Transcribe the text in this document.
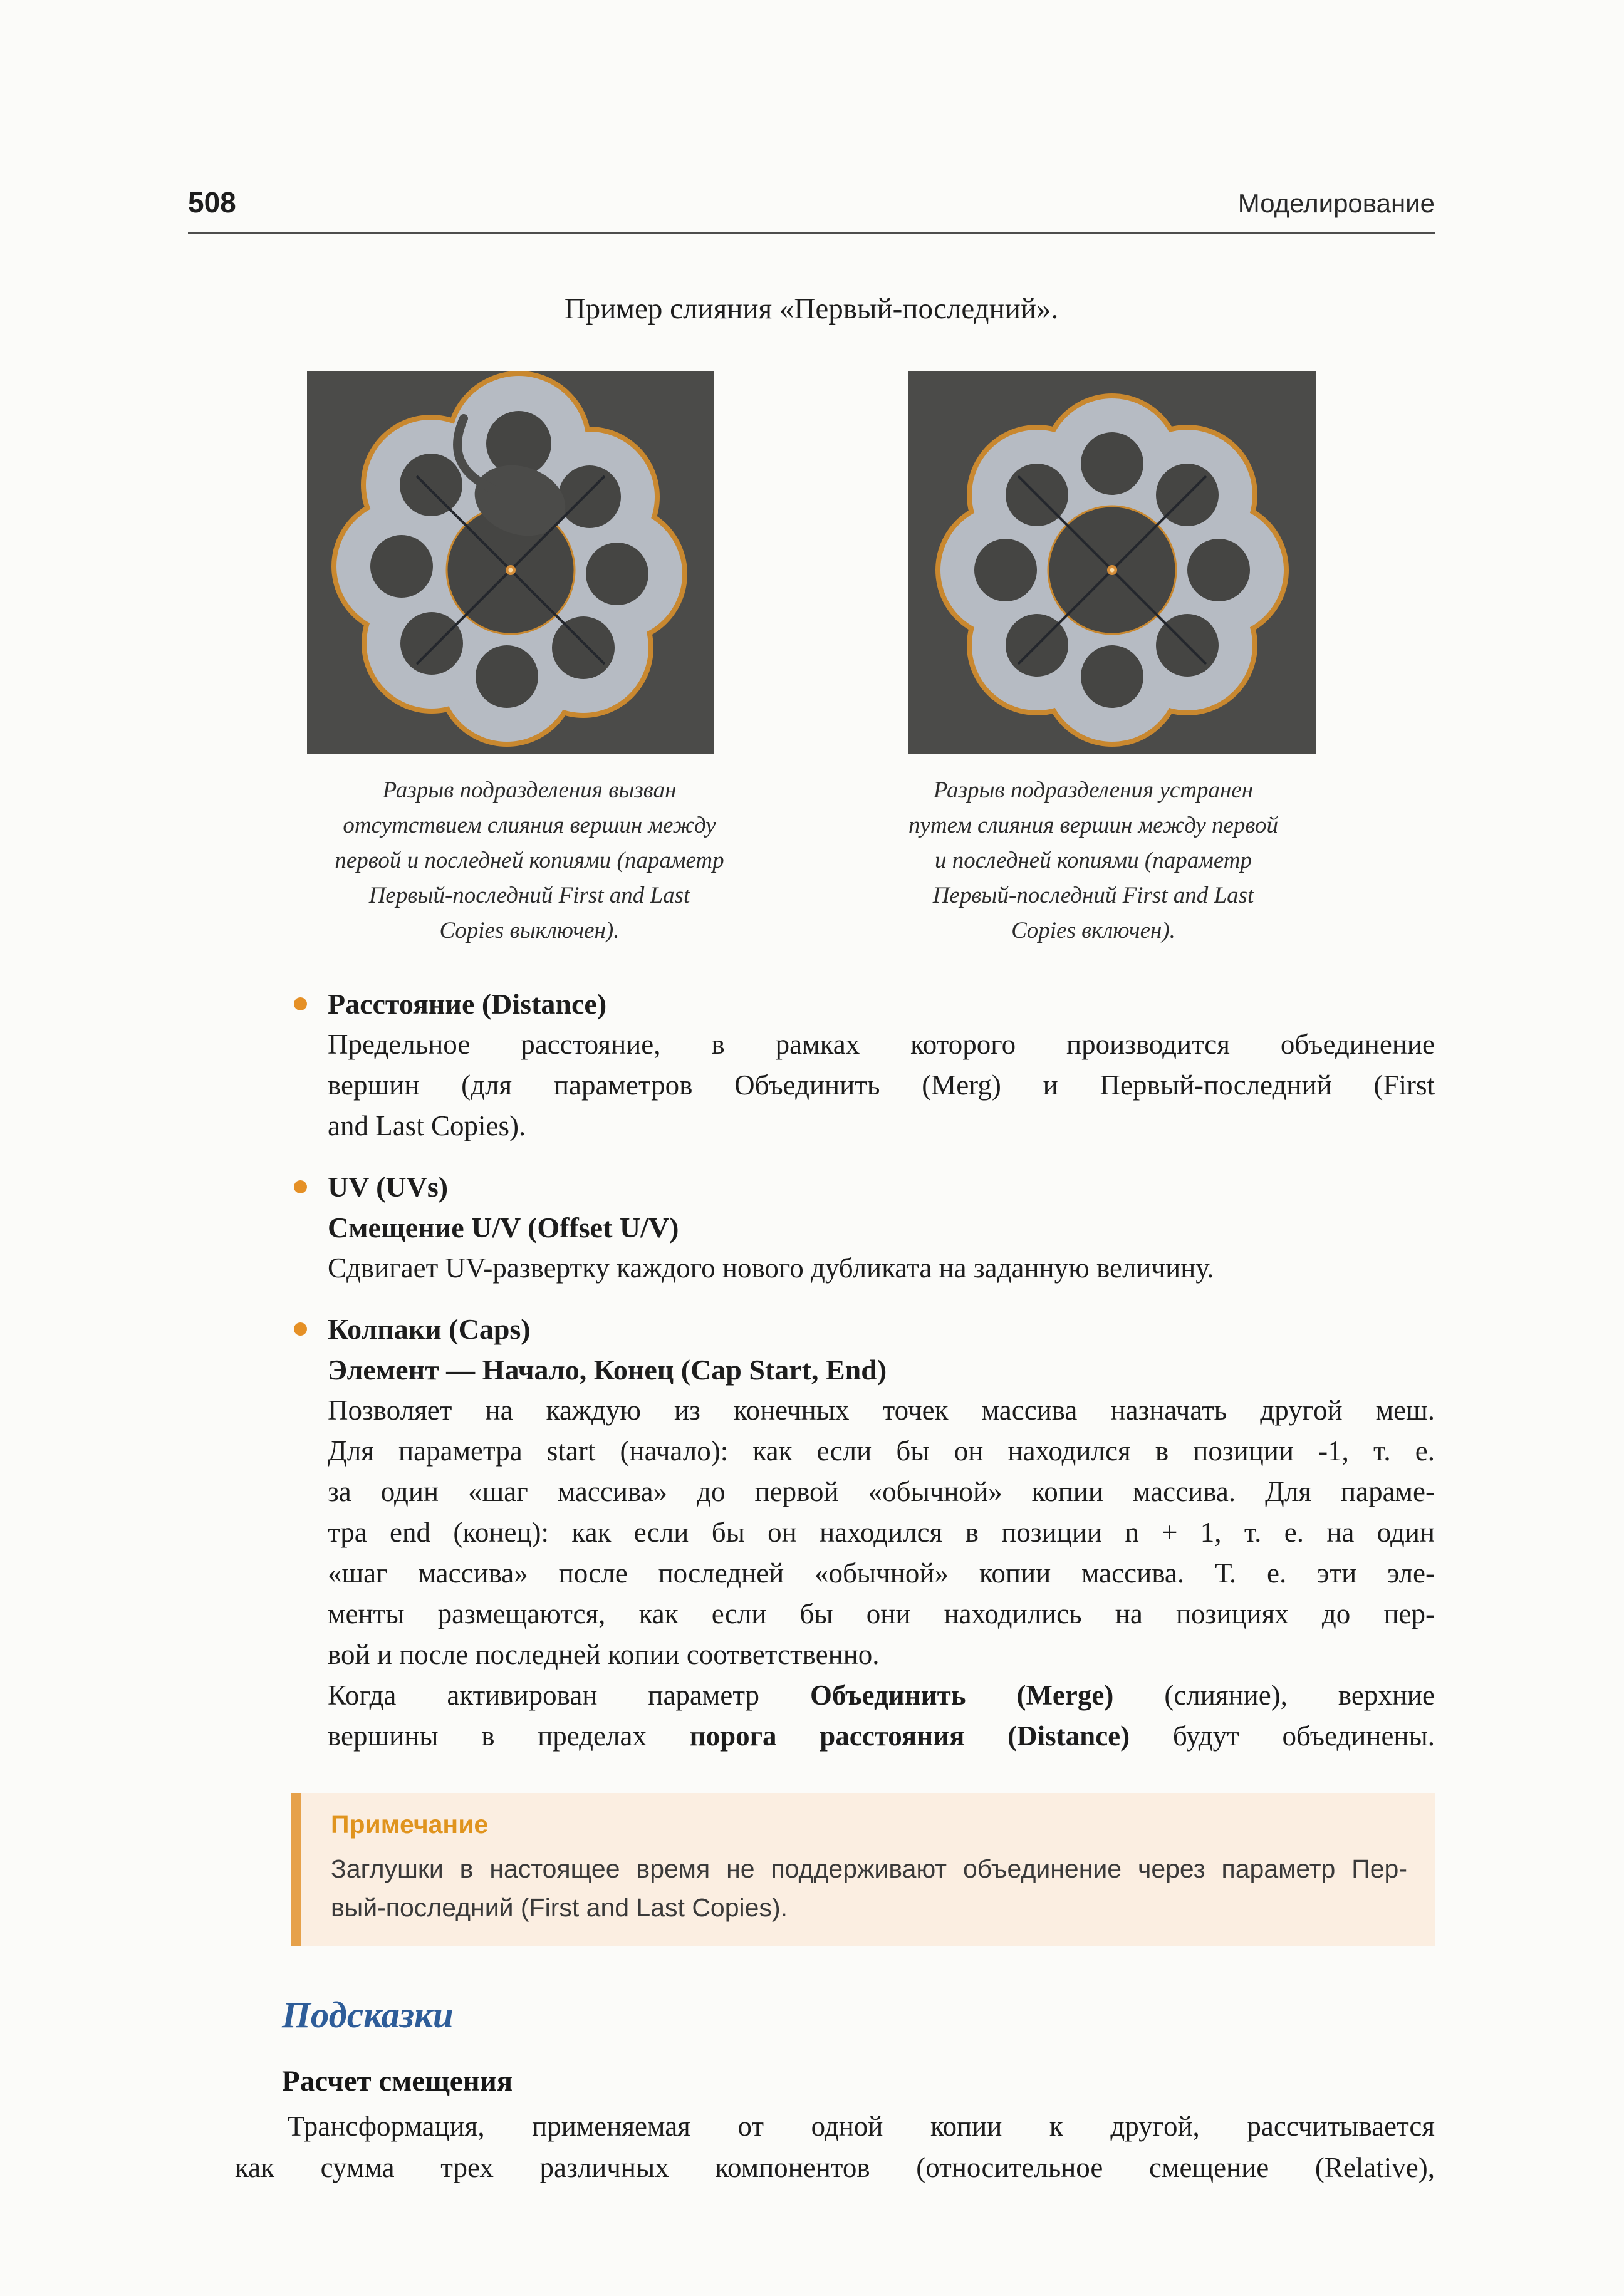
508	Моделирование
Пример слияния «Первый-последний».
Разрыв подразделения вызван
отсутствием слияния вершин между
первой и последней копиями (параметр
Первый-последний First and Last
Copies выключен).
Разрыв подразделения устранен
путем слияния вершин между первой
и последней копиями (параметр
Первый-последний First and Last
Copies включен).
Расстояние (Distance)
Предельное расстояние, в рамках которого производится объединение
вершин (для параметров Объединить (Merg) и Первый-последний (First
and Last Copies).
UV (UVs)
Смещение U/V (Offset U/V)
Сдвигает UV-развертку каждого нового дубликата на заданную величину.
Колпаки (Caps)
Элемент — Начало, Конец (Cap Start, End)
Позволяет на каждую из конечных точек массива назначать другой меш.
Для параметра start (начало): как если бы он находился в позиции -1, т. е.
за один «шаг массива» до первой «обычной» копии массива. Для параме-
тра end (конец): как если бы он находился в позиции n + 1, т. е. на один
«шаг массива» после последней «обычной» копии массива. Т. е. эти эле-
менты размещаются, как если бы они находились на позициях до пер-
вой и после последней копии соответственно.
Когда активирован параметр Объединить (Merge) (слияние), верхние
вершины в пределах порога расстояния (Distance) будут объединены.
Примечание
Заглушки в настоящее время не поддерживают объединение через параметр Пер-
вый-последний (First and Last Copies).
Подсказки
Расчет смещения
Трансформация, применяемая от одной копии к другой, рассчитывается
как сумма трех различных компонентов (относительное смещение (Relative),
